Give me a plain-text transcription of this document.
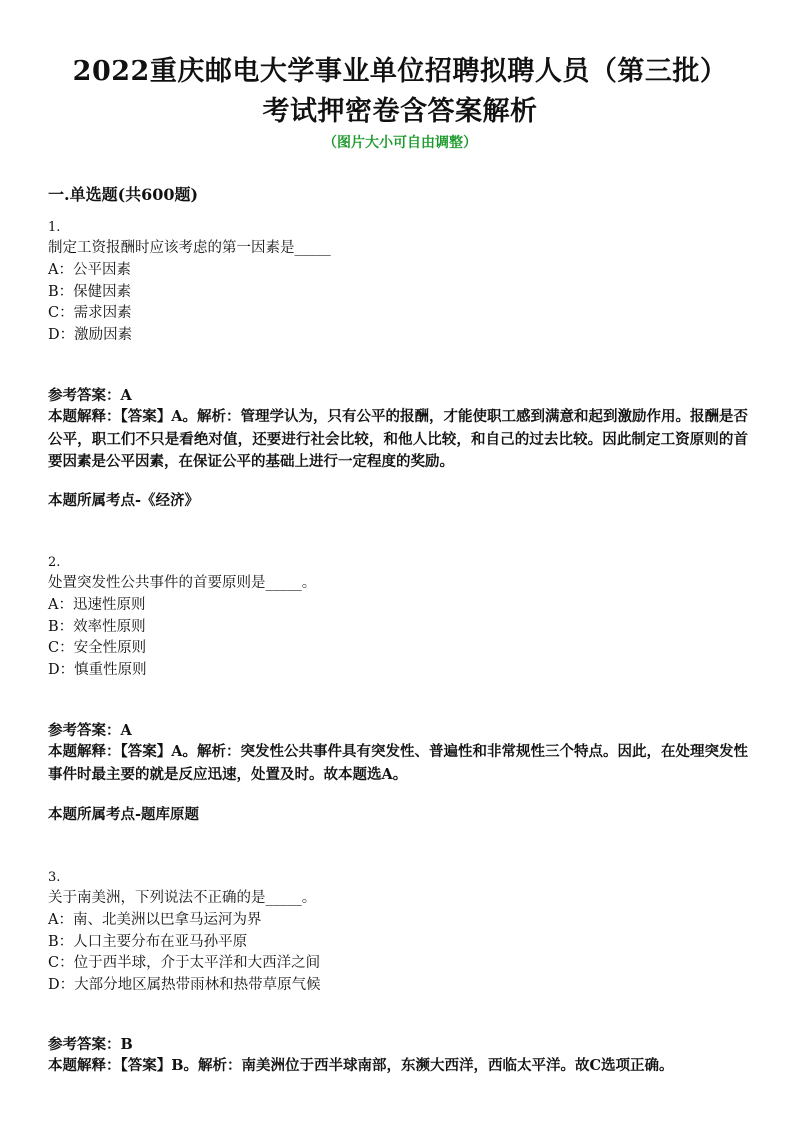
2022重庆邮电大学事业单位招聘拟聘人员（第三批）
考试押密卷含答案解析
（图片大小可自由调整）
一.单选题(共600题)
1.
制定工资报酬时应该考虑的第一因素是_____
A：公平因素
B：保健因素
C：需求因素
D：激励因素
参考答案：A
本题解释：【答案】A。解析：管理学认为，只有公平的报酬，才能使职工感到满意和起到激励作用。报酬是否公平，职工们不只是看绝对值，还要进行社会比较，和他人比较，和自己的过去比较。因此制定工资原则的首要因素是公平因素，在保证公平的基础上进行一定程度的奖励。
本题所属考点-《经济》
2.
处置突发性公共事件的首要原则是_____。
A：迅速性原则
B：效率性原则
C：安全性原则
D：慎重性原则
参考答案：A
本题解释：【答案】A。解析：突发性公共事件具有突发性、普遍性和非常规性三个特点。因此，在处理突发性事件时最主要的就是反应迅速，处置及时。故本题选A。
本题所属考点-题库原题
3.
关于南美洲，下列说法不正确的是_____。
A：南、北美洲以巴拿马运河为界
B：人口主要分布在亚马孙平原
C：位于西半球，介于太平洋和大西洋之间
D：大部分地区属热带雨林和热带草原气候
参考答案：B
本题解释：【答案】B。解析：南美洲位于西半球南部，东濒大西洋，西临太平洋。故C选项正确。
